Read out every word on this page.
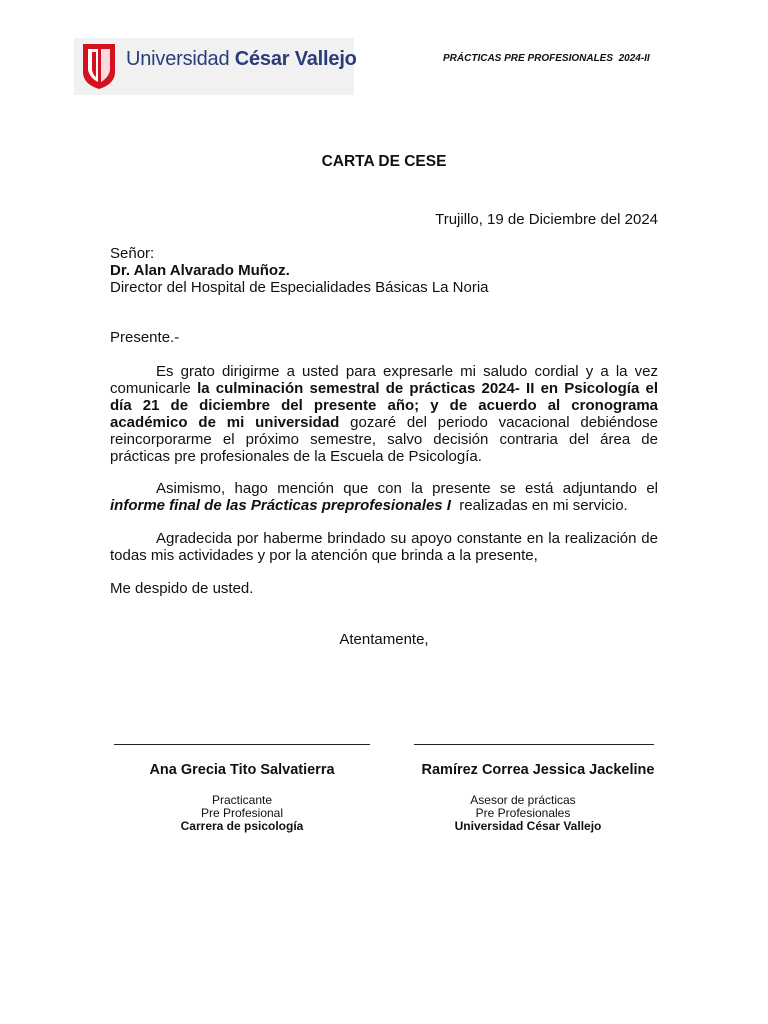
Universidad César Vallejo	PRÁCTICAS PRE PROFESIONALES  2024-II
CARTA DE CESE
Trujillo, 19 de Diciembre del 2024
Señor:
Dr. Alan Alvarado Muñoz.
Director del Hospital de Especialidades Básicas La Noria
Presente.-
Es grato dirigirme a usted para expresarle mi saludo cordial y a la vez comunicarle la culminación semestral de prácticas 2024- II en Psicología el día 21 de diciembre del presente año; y de acuerdo al cronograma académico de mi universidad gozaré del periodo vacacional debiéndose reincorporarme el próximo semestre, salvo decisión contraria del área de prácticas pre profesionales de la Escuela de Psicología.
Asimismo, hago mención que con la presente se está adjuntando el informe final de las Prácticas preprofesionales I  realizadas en mi servicio.
Agradecida por haberme brindado su apoyo constante en la realización de todas mis actividades y por la atención que brinda a la presente,
Me despido de usted.
Atentamente,
Ana Grecia Tito Salvatierra
Practicante
Pre Profesional
Carrera de psicología
Ramírez Correa Jessica Jackeline
Asesor de prácticas
Pre Profesionales
Universidad César Vallejo
